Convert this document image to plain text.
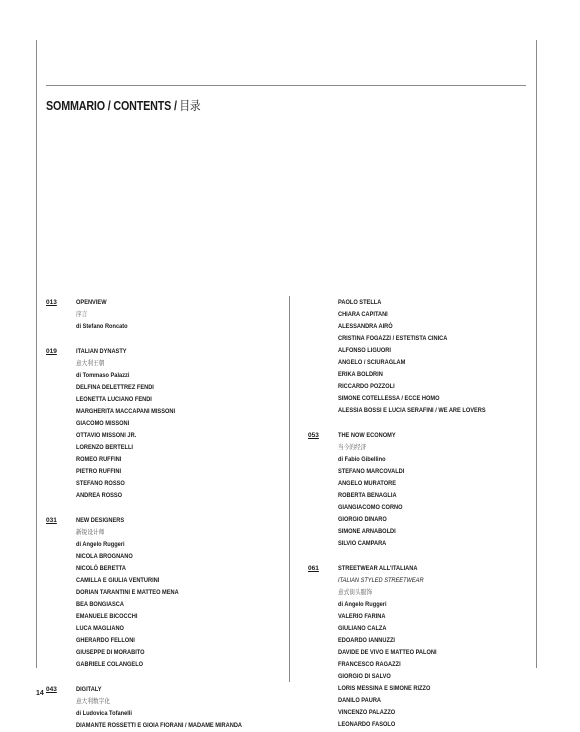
SOMMARIO / CONTENTS / 目录
013	OPENVIEW
序言
di Stefano Roncato
019	ITALIAN DYNASTY
意大利王朝
di Tommaso Palazzi
DELFINA DELETTREZ FENDI
LEONETTA LUCIANO FENDI
MARGHERITA MACCAPANI MISSONI
GIACOMO MISSONI
OTTAVIO MISSONI JR.
LORENZO BERTELLI
ROMEO RUFFINI
PIETRO RUFFINI
STEFANO ROSSO
ANDREA ROSSO
031	NEW DESIGNERS
新锐设计师
di Angelo Ruggeri
NICOLA BROGNANO
NICOLÒ BERETTA
CAMILLA E GIULIA VENTURINI
DORIAN TARANTINI E MATTEO MENA
BEA BONGIASCA
EMANUELE BICOCCHI
LUCA MAGLIANO
GHERARDO FELLONI
GIUSEPPE DI MORABITO
GABRIELE COLANGELO
043	DIGITALY
意大利数字化
di Ludovica Tofanelli
DIAMANTE ROSSETTI E GIOIA FIORANI / MADAME MIRANDA
PAOLO STELLA
CHIARA CAPITANI
ALESSANDRA AIRÒ
CRISTINA FOGAZZI / ESTETISTA CINICA
ALFONSO LIGUORI
ANGELO / SCIURAGLAM
ERIKA BOLDRIN
RICCARDO POZZOLI
SIMONE COTELLESSA / ECCE HOMO
ALESSIA BOSSI E LUCIA SERAFINI / WE ARE LOVERS
053	THE NOW ECONOMY
当今的经济
di Fabio Gibellino
STEFANO MARCOVALDI
ANGELO MURATORE
ROBERTA BENAGLIA
GIANGIACOMO CORNO
GIORGIO DINARO
SIMONE ARNABOLDI
SILVIO CAMPARA
061	STREETWEAR ALL'ITALIANA
ITALIAN STYLED STREETWEAR
意式街头服饰
di Angelo Ruggeri
VALERIO FARINA
GIULIANO CALZA
EDOARDO IANNUZZI
DAVIDE DE VIVO E MATTEO PALONI
FRANCESCO RAGAZZI
GIORGIO DI SALVO
LORIS MESSINA E SIMONE RIZZO
DANILO PAURA
VINCENZO PALAZZO
LEONARDO FASOLO
14
